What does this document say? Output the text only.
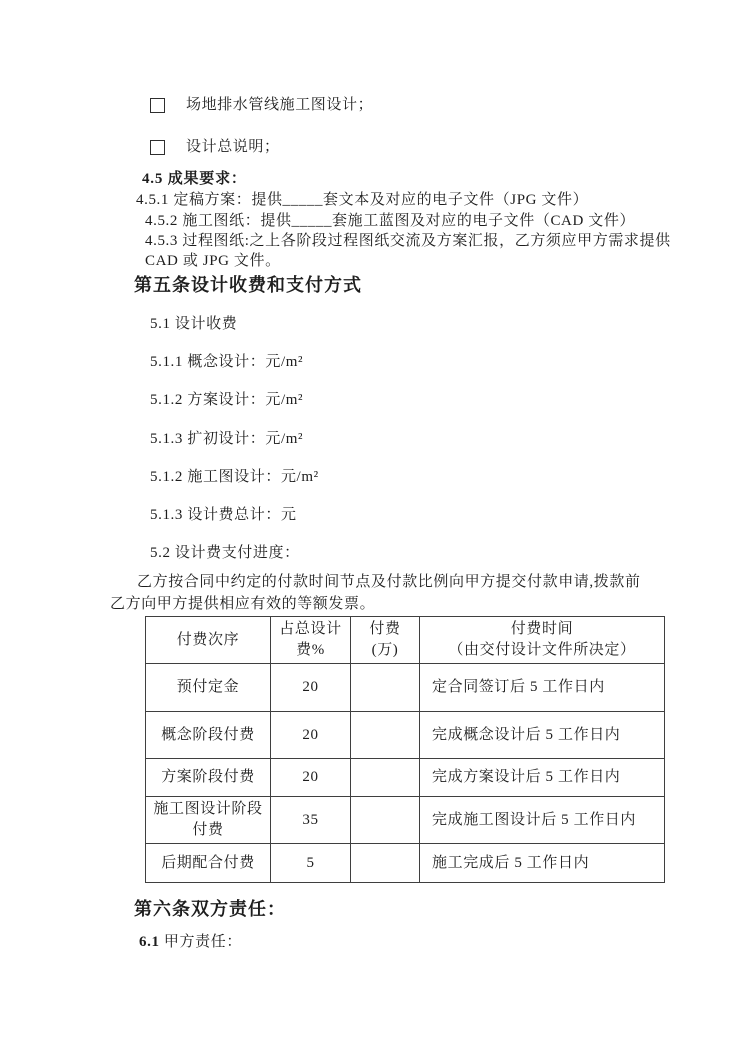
场地排水管线施工图设计；
设计总说明；
4.5 成果要求：
4.5.1 定稿方案：提供_____套文本及对应的电子文件（JPG 文件）
4.5.2 施工图纸：提供_____套施工蓝图及对应的电子文件（CAD 文件）
4.5.3 过程图纸:之上各阶段过程图纸交流及方案汇报，乙方须应甲方需求提供
CAD 或 JPG 文件。
第五条设计收费和支付方式
5.1 设计收费
5.1.1 概念设计：元/m²
5.1.2 方案设计：元/m²
5.1.3 扩初设计：元/m²
5.1.2 施工图设计：元/m²
5.1.3 设计费总计：元
5.2 设计费支付进度：
乙方按合同中约定的付款时间节点及付款比例向甲方提交付款申请,拨款前
乙方向甲方提供相应有效的等额发票。
付费次序	占总设计费%	付费(万)	付费时间
（由交付设计文件所决定）

预付定金	20		定合同签订后 5 工作日内
概念阶段付费	20		完成概念设计后 5 工作日内
方案阶段付费	20		完成方案设计后 5 工作日内
施工图设计阶段付费	35		完成施工图设计后 5 工作日内
后期配合付费	5		施工完成后 5 工作日内
第六条双方责任：
6.1 甲方责任：
